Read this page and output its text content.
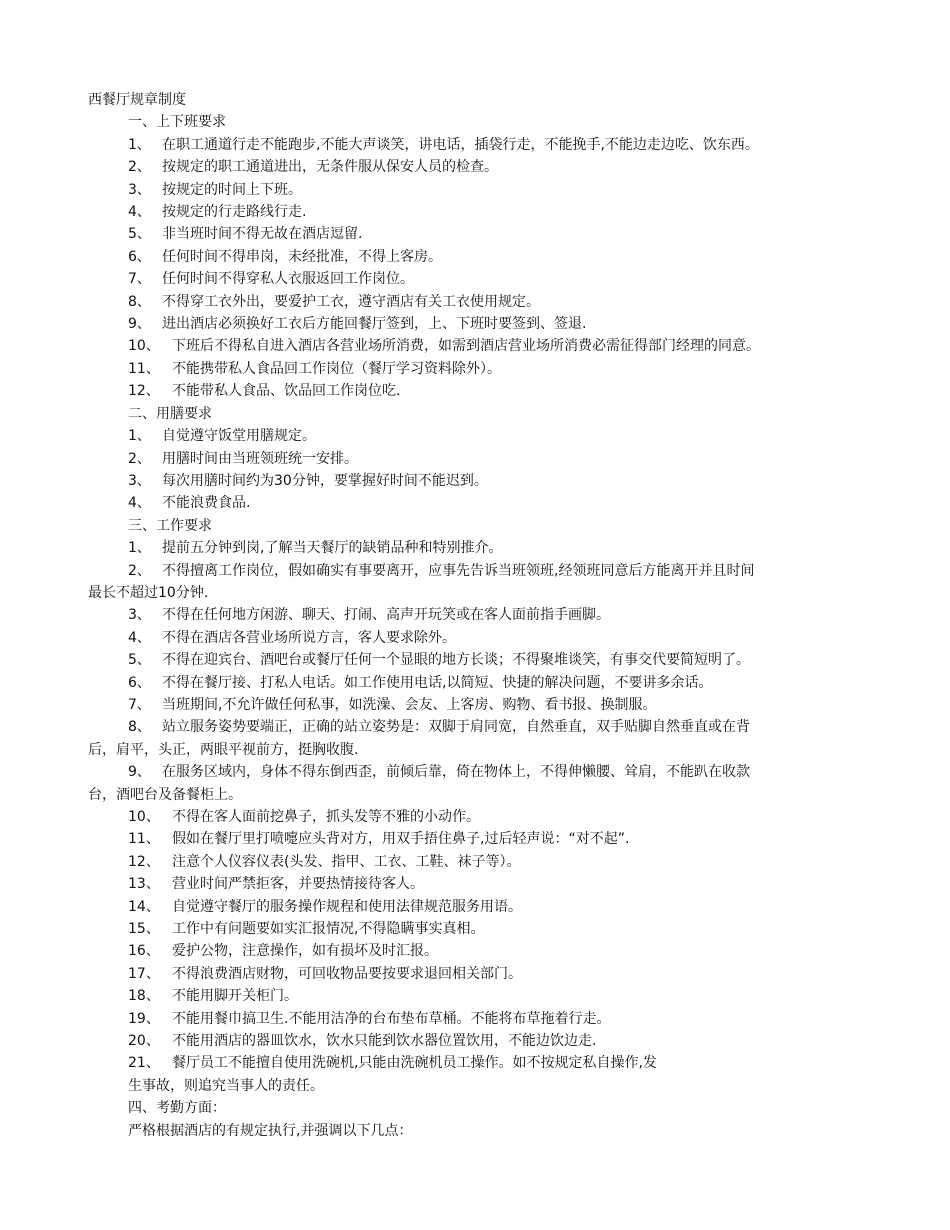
西餐厅规章制度
一、上下班要求
1、 在职工通道行走不能跑步,不能大声谈笑，讲电话，插袋行走，不能挽手,不能边走边吃、饮东西。
2、 按规定的职工通道进出，无条件服从保安人员的检查。
3、 按规定的时间上下班。
4、 按规定的行走路线行走.
5、 非当班时间不得无故在酒店逗留.
6、 任何时间不得串岗，未经批准，不得上客房。
7、 任何时间不得穿私人衣服返回工作岗位。
8、 不得穿工衣外出，要爱护工衣，遵守酒店有关工衣使用规定。
9、 进出酒店必须换好工衣后方能回餐厅签到，上、下班时要签到、签退.
10、 下班后不得私自进入酒店各营业场所消费，如需到酒店营业场所消费必需征得部门经理的同意。
11、 不能携带私人食品回工作岗位（餐厅学习资料除外）。
12、 不能带私人食品、饮品回工作岗位吃.
二、用膳要求
1、 自觉遵守饭堂用膳规定。
2、 用膳时间由当班领班统一安排。
3、 每次用膳时间约为30分钟，要掌握好时间不能迟到。
4、 不能浪费食品.
三、工作要求
1、 提前五分钟到岗,了解当天餐厅的缺销品种和特别推介。
2、 不得擅离工作岗位，假如确实有事要离开，应事先告诉当班领班,经领班同意后方能离开并且时间
最长不超过10分钟.
3、 不得在任何地方闲游、聊天、打闹、高声开玩笑或在客人面前指手画脚。
4、 不得在酒店各营业场所说方言，客人要求除外。
5、 不得在迎宾台、酒吧台或餐厅任何一个显眼的地方长谈；不得聚堆谈笑，有事交代要简短明了。
6、 不得在餐厅接、打私人电话。如工作使用电话,以简短、快捷的解决问题，不要讲多余话。
7、 当班期间,不允许做任何私事，如洗澡、会友、上客房、购物、看书报、换制服。
8、 站立服务姿势要端正，正确的站立姿势是：双脚于肩同宽，自然垂直，双手贴脚自然垂直或在背
后，肩平，头正，两眼平视前方，挺胸收腹.
9、 在服务区域内，身体不得东倒西歪，前倾后靠，倚在物体上，不得伸懒腰、耸肩，不能趴在收款
台，酒吧台及备餐柜上。
10、 不得在客人面前挖鼻子，抓头发等不雅的小动作。
11、 假如在餐厅里打喷嚏应头背对方，用双手捂住鼻子,过后轻声说：“对不起”.
12、 注意个人仪容仪表(头发、指甲、工衣、工鞋、袜子等）。
13、 营业时间严禁拒客，并要热情接待客人。
14、 自觉遵守餐厅的服务操作规程和使用法律规范服务用语。
15、 工作中有问题要如实汇报情况,不得隐瞒事实真相。
16、 爱护公物，注意操作，如有损坏及时汇报。
17、 不得浪费酒店财物，可回收物品要按要求退回相关部门。
18、 不能用脚开关柜门。
19、 不能用餐巾搞卫生.不能用洁净的台布垫布草桶。不能将布草拖着行走。
20、 不能用酒店的器皿饮水，饮水只能到饮水器位置饮用，不能边饮边走.
21、 餐厅员工不能擅自使用洗碗机,只能由洗碗机员工操作。如不按规定私自操作,发
生事故，则追究当事人的责任。
四、考勤方面：
严格根据酒店的有规定执行,并强调以下几点：
